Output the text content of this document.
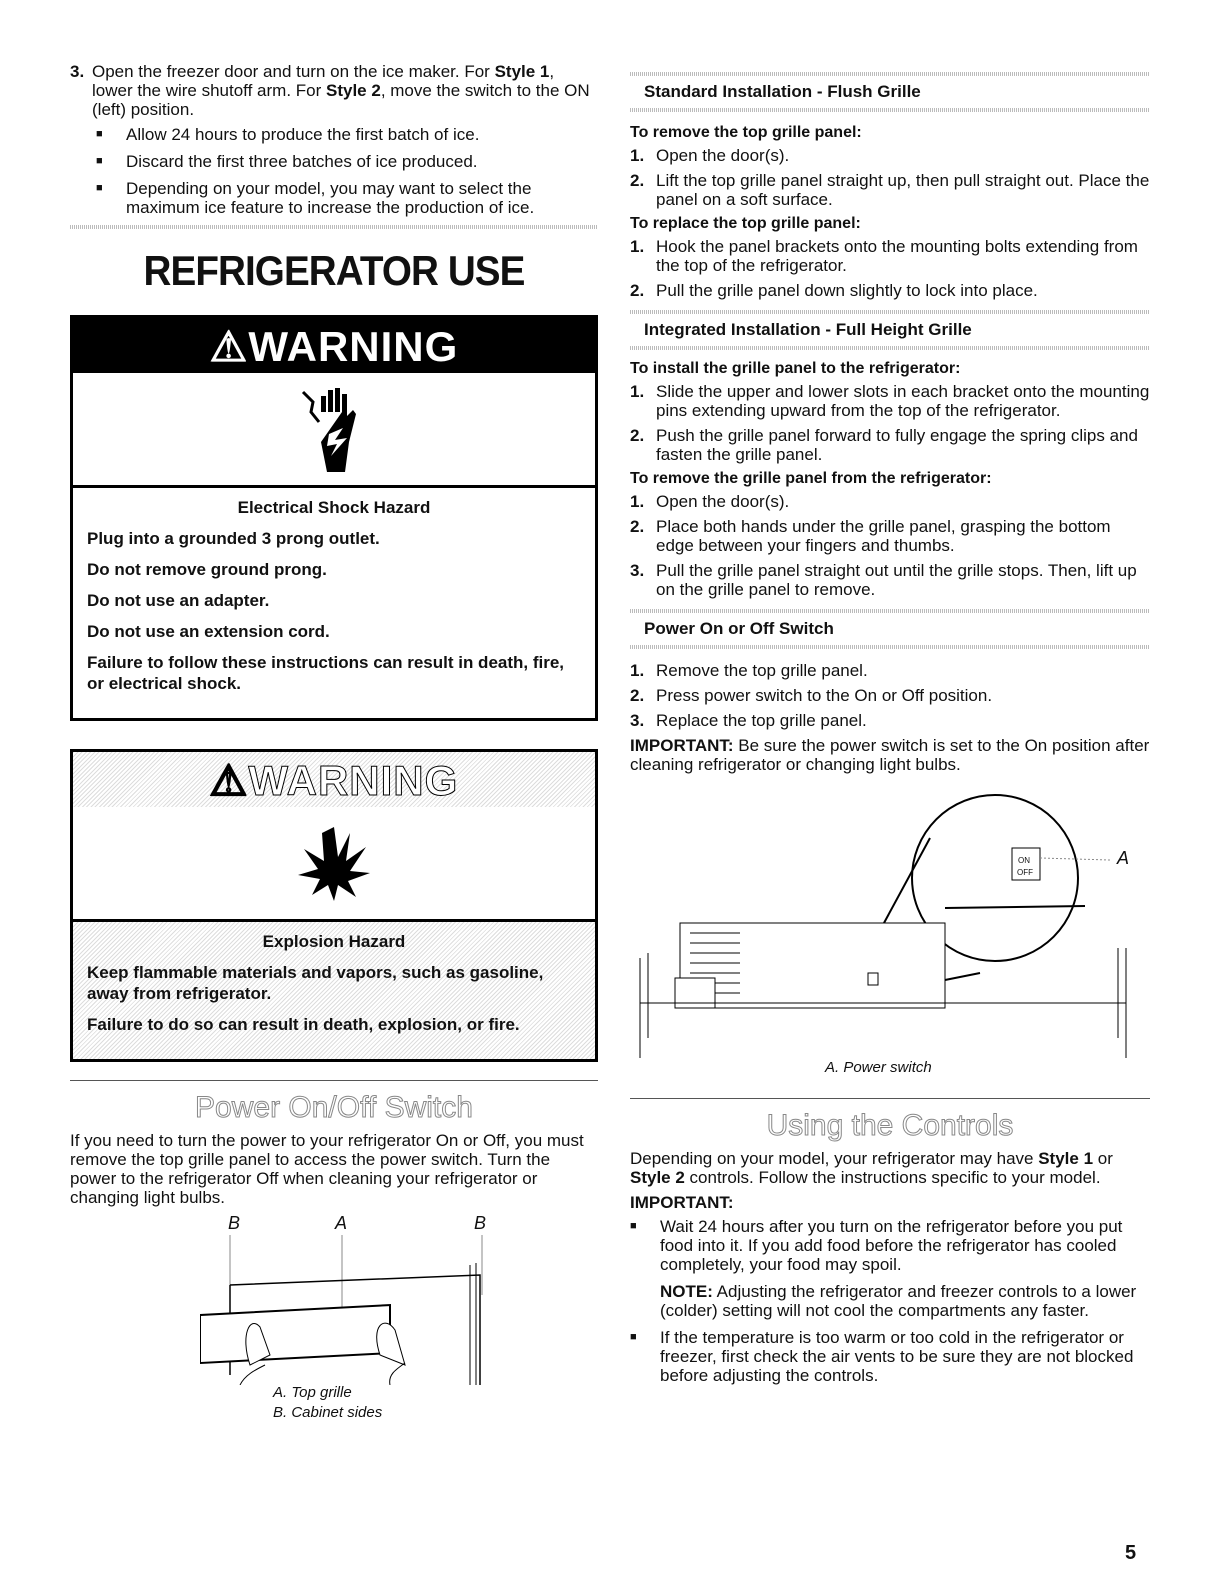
3. Open the freezer door and turn on the ice maker. For Style 1, lower the wire shutoff arm. For Style 2, move the switch to the ON (left) position.

■	Allow 24 hours to produce the first batch of ice.

■	Discard the first three batches of ice produced.

■	Depending on your model, you may want to select the maximum ice feature to increase the production of ice.

REFRIGERATOR USE
⚠WARNING
Electrical Shock Hazard
Plug into a grounded 3 prong outlet.
Do not remove ground prong.
Do not use an adapter.
Do not use an extension cord.
Failure to follow these instructions can result in death, fire, or electrical shock.
⚠WARNING
Explosion Hazard
Keep flammable materials and vapors, such as gasoline, away from refrigerator.
Failure to do so can result in death, explosion, or fire.
Power On/Off Switch

If you need to turn the power to your refrigerator On or Off, you must remove the top grille panel to access the power switch. Turn the power to the refrigerator Off when cleaning your refrigerator or changing light bulbs.

B	A	B
A. Top grille
B. Cabinet sides
Standard Installation - Flush Grille
To remove the top grille panel:
1. Open the door(s).

2. Lift the top grille panel straight up, then pull straight out. Place the panel on a soft surface.

To replace the top grille panel:
1. Hook the panel brackets onto the mounting bolts extending from the top of the refrigerator.

2. Pull the grille panel down slightly to lock into place.

Integrated Installation - Full Height Grille
To install the grille panel to the refrigerator:
1. Slide the upper and lower slots in each bracket onto the mounting pins extending upward from the top of the refrigerator.

2. Push the grille panel forward to fully engage the spring clips and fasten the grille panel.

To remove the grille panel from the refrigerator:
1. Open the door(s).

2. Place both hands under the grille panel, grasping the bottom edge between your fingers and thumbs.

3. Pull the grille panel straight out until the grille stops. Then, lift up on the grille panel to remove.

Power On or Off Switch
1. Remove the top grille panel.

2. Press power switch to the On or Off position.

3. Replace the top grille panel.

IMPORTANT: Be sure the power switch is set to the On position after cleaning refrigerator or changing light bulbs.

ON
OFF
A
A. Power switch
Using the Controls

Depending on your model, your refrigerator may have Style 1 or Style 2 controls. Follow the instructions specific to your model.

IMPORTANT:
■	Wait 24 hours after you turn on the refrigerator before you put food into it. If you add food before the refrigerator has cooled completely, your food may spoil.

NOTE: Adjusting the refrigerator and freezer controls to a lower (colder) setting will not cool the compartments any faster.

■	If the temperature is too warm or too cold in the refrigerator or freezer, first check the air vents to be sure they are not blocked before adjusting the controls.

5
